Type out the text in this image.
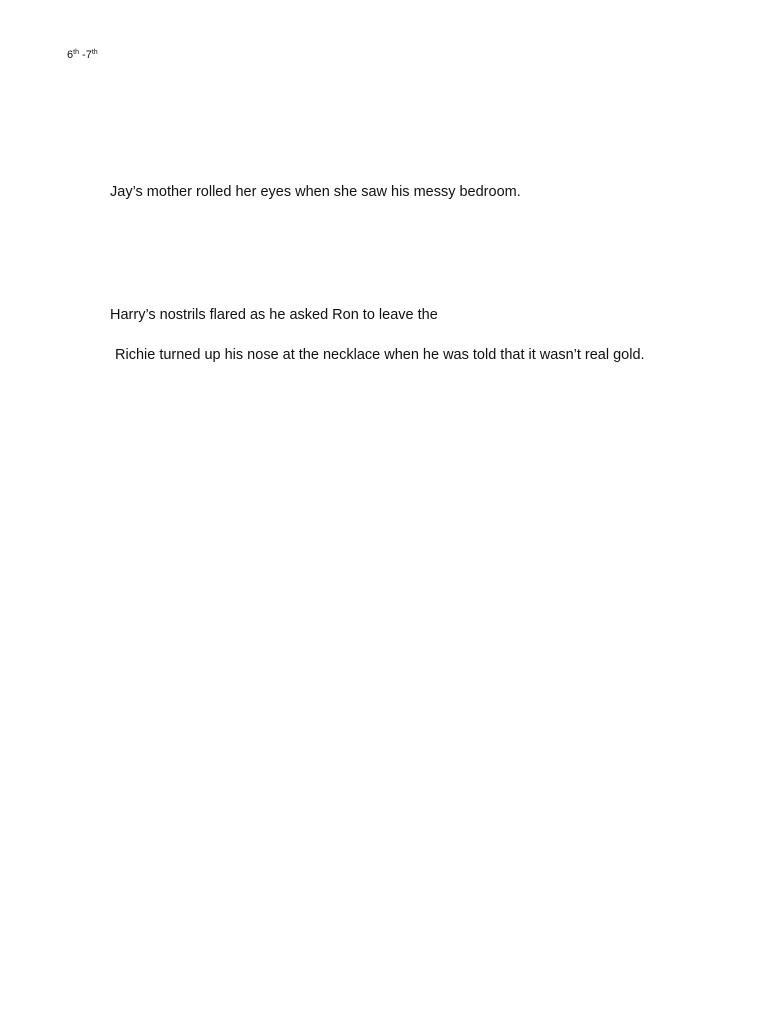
6th -7th

Jay’s mother rolled her eyes when she saw his messy bedroom.

Harry’s nostrils flared as he asked Ron to leave the

Richie turned up his nose at the necklace when he was told that it wasn’t real gold.
